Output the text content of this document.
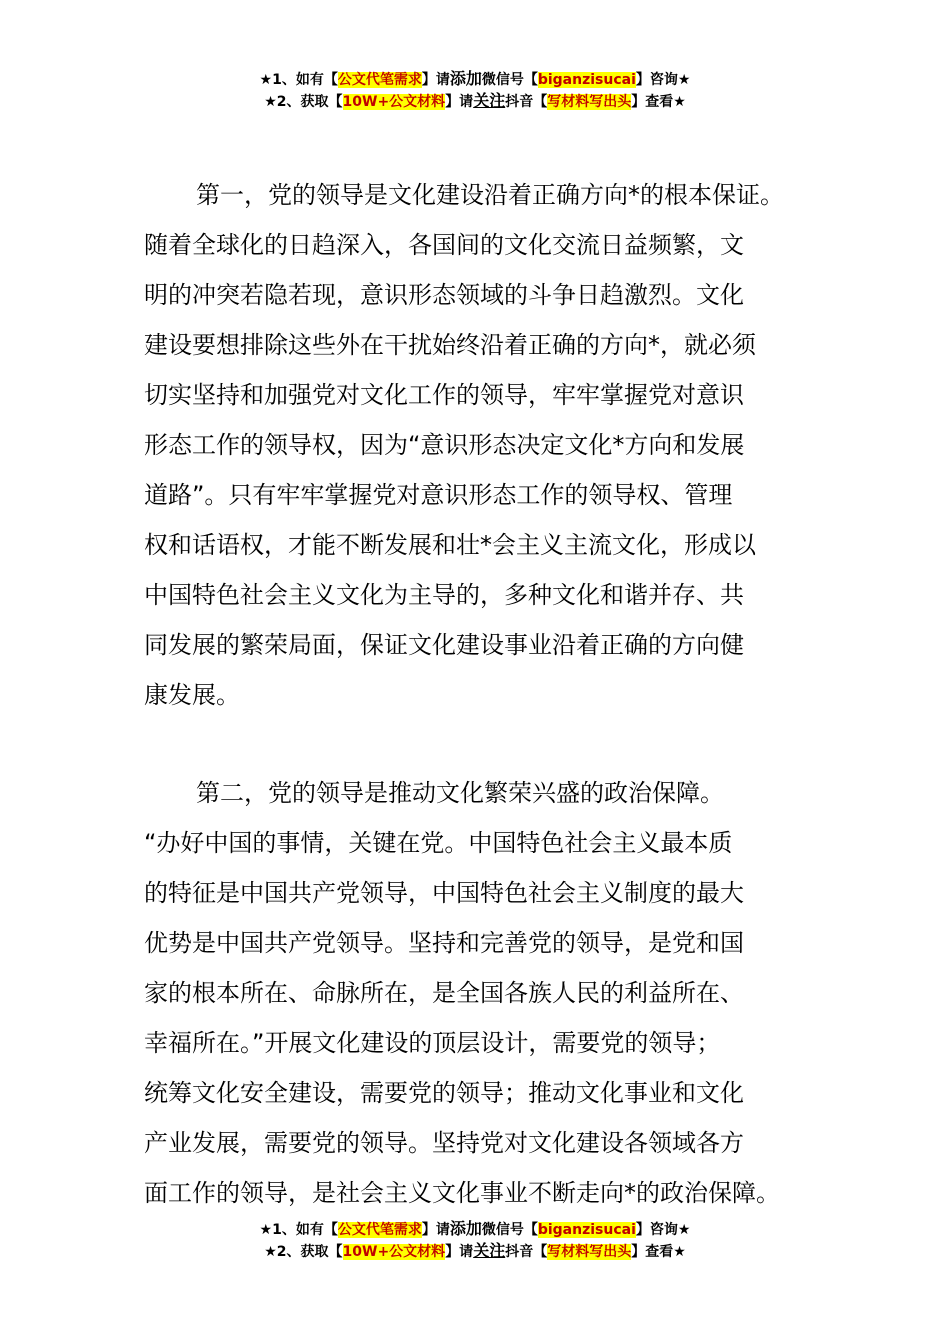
★1、如有【公文代笔需求】请添加微信号【biganzisucai】咨询★
★2、获取【10W+公文材料】请关注抖音【写材料写出头】查看★
第一，党的领导是文化建设沿着正确方向*的根本保证。
随着全球化的日趋深入，各国间的文化交流日益频繁，文
明的冲突若隐若现，意识形态领域的斗争日趋激烈。文化
建设要想排除这些外在干扰始终沿着正确的方向*，就必须
切实坚持和加强党对文化工作的领导，牢牢掌握党对意识
形态工作的领导权，因为“意识形态决定文化*方向和发展
道路”。只有牢牢掌握党对意识形态工作的领导权、管理
权和话语权，才能不断发展和壮*会主义主流文化，形成以
中国特色社会主义文化为主导的，多种文化和谐并存、共
同发展的繁荣局面，保证文化建设事业沿着正确的方向健
康发展。
第二，党的领导是推动文化繁荣兴盛的政治保障。
“办好中国的事情，关键在党。中国特色社会主义最本质
的特征是中国共产党领导，中国特色社会主义制度的最大
优势是中国共产党领导。坚持和完善党的领导，是党和国
家的根本所在、命脉所在，是全国各族人民的利益所在、
幸福所在。”开展文化建设的顶层设计，需要党的领导；
统筹文化安全建设，需要党的领导；推动文化事业和文化
产业发展，需要党的领导。坚持党对文化建设各领域各方
面工作的领导，是社会主义文化事业不断走向*的政治保障。
★1、如有【公文代笔需求】请添加微信号【biganzisucai】咨询★
★2、获取【10W+公文材料】请关注抖音【写材料写出头】查看★
